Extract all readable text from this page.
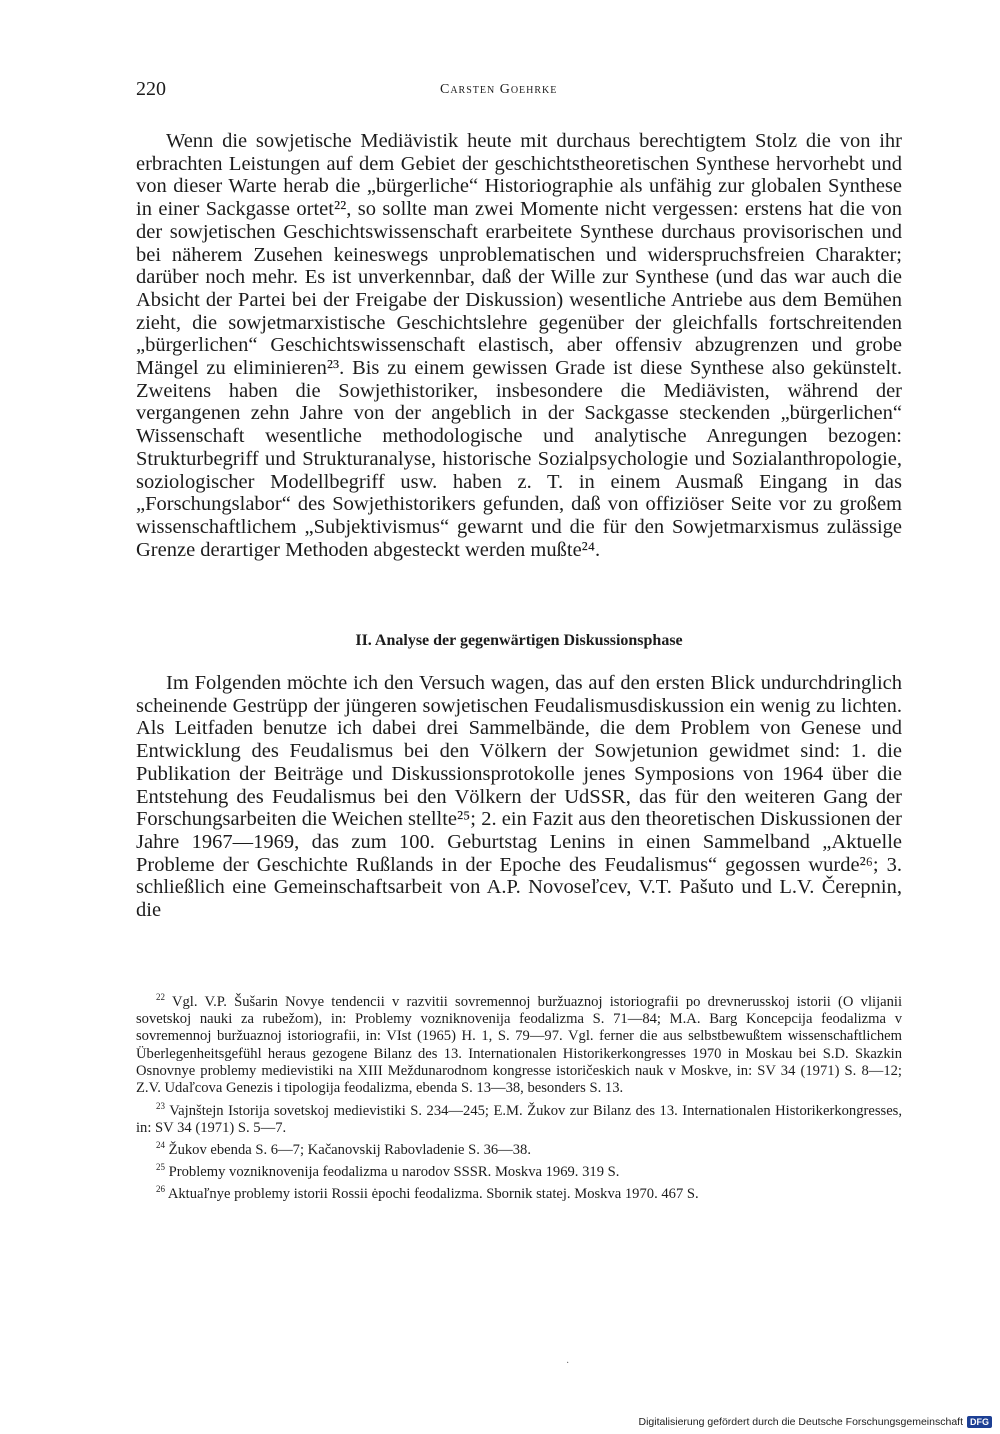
220	Carsten Goehrke

Wenn die sowjetische Mediävistik heute mit durchaus berechtigtem Stolz die von ihr erbrachten Leistungen auf dem Gebiet der geschichtstheoretischen Synthese hervorhebt und von dieser Warte herab die „bürgerliche“ Historiographie als unfähig zur globalen Synthese in einer Sackgasse ortet²², so sollte man zwei Momente nicht vergessen: erstens hat die von der sowjetischen Geschichtswissenschaft erarbeitete Synthese durchaus provisorischen und bei näherem Zusehen keineswegs unproblematischen und widerspruchsfreien Charakter; darüber noch mehr. Es ist unverkennbar, daß der Wille zur Synthese (und das war auch die Absicht der Partei bei der Freigabe der Diskussion) wesentliche Antriebe aus dem Bemühen zieht, die sowjetmarxistische Geschichtslehre gegenüber der gleichfalls fortschreitenden „bürgerlichen“ Geschichtswissenschaft elastisch, aber offensiv abzugrenzen und grobe Mängel zu eliminieren²³. Bis zu einem gewissen Grade ist diese Synthese also gekünstelt. Zweitens haben die Sowjethistoriker, insbesondere die Mediävisten, während der vergangenen zehn Jahre von der angeblich in der Sackgasse steckenden „bürgerlichen“ Wissenschaft wesentliche methodologische und analytische Anregungen bezogen: Strukturbegriff und Strukturanalyse, historische Sozialpsychologie und Sozialanthropologie, soziologischer Modellbegriff usw. haben z. T. in einem Ausmaß Eingang in das „Forschungslabor“ des Sowjethistorikers gefunden, daß von offiziöser Seite vor zu großem wissenschaftlichem „Subjektivismus“ gewarnt und die für den Sowjetmarxismus zulässige Grenze derartiger Methoden abgesteckt werden mußte²⁴.

II. Analyse der gegenwärtigen Diskussionsphase

Im Folgenden möchte ich den Versuch wagen, das auf den ersten Blick undurchdringlich scheinende Gestrüpp der jüngeren sowjetischen Feudalismusdiskussion ein wenig zu lichten. Als Leitfaden benutze ich dabei drei Sammelbände, die dem Problem von Genese und Entwicklung des Feudalismus bei den Völkern der Sowjetunion gewidmet sind: 1. die Publikation der Beiträge und Diskussionsprotokolle jenes Symposions von 1964 über die Entstehung des Feudalismus bei den Völkern der UdSSR, das für den weiteren Gang der Forschungsarbeiten die Weichen stellte²⁵; 2. ein Fazit aus den theoretischen Diskussionen der Jahre 1967—1969, das zum 100. Geburtstag Lenins in einen Sammelband „Aktuelle Probleme der Geschichte Rußlands in der Epoche des Feudalismus“ gegossen wurde²⁶; 3. schließlich eine Gemeinschaftsarbeit von A.P. Novoseľcev, V.T. Pašuto und L.V. Čerepnin, die

$^{22}$ Vgl. V.P. Šušarin Novye tendencii v razvitii sovremennoj buržuaznoj istoriografii po drevnerusskoj istorii (O vlijanii sovetskoj nauki za rubežom), in: Problemy vozniknovenija feodalizma S. 71—84; M.A. Barg Koncepcija feodalizma v sovremennoj buržuaznoj istoriografii, in: VIst (1965) H. 1, S. 79—97. Vgl. ferner die aus selbstbewußtem wissenschaftlichem Überlegenheitsgefühl heraus gezogene Bilanz des 13. Internationalen Historikerkongresses 1970 in Moskau bei S.D. Skazkin Osnovnye problemy medievistiki na XIII Meždunarodnom kongresse istoričeskich nauk v Moskve, in: SV 34 (1971) S. 8—12; Z.V. Udaľcova Genezis i tipologija feodalizma, ebenda S. 13—38, besonders S. 13.

$^{23}$ Vajnštejn Istorija sovetskoj medievistiki S. 234—245; E.M. Žukov zur Bilanz des 13. Internationalen Historikerkongresses, in: SV 34 (1971) S. 5—7.

$^{24}$ Žukov ebenda S. 6—7; Kačanovskij Rabovladenie S. 36—38.

$^{25}$ Problemy vozniknovenija feodalizma u narodov SSSR. Moskva 1969. 319 S.

$^{26}$ Aktuaľnye problemy istorii Rossii ėpochi feodalizma. Sbornik statej. Moskva 1970. 467 S.

·
Digitalisierung gefördert durch die Deutsche Forschungsgemeinschaft DFG
